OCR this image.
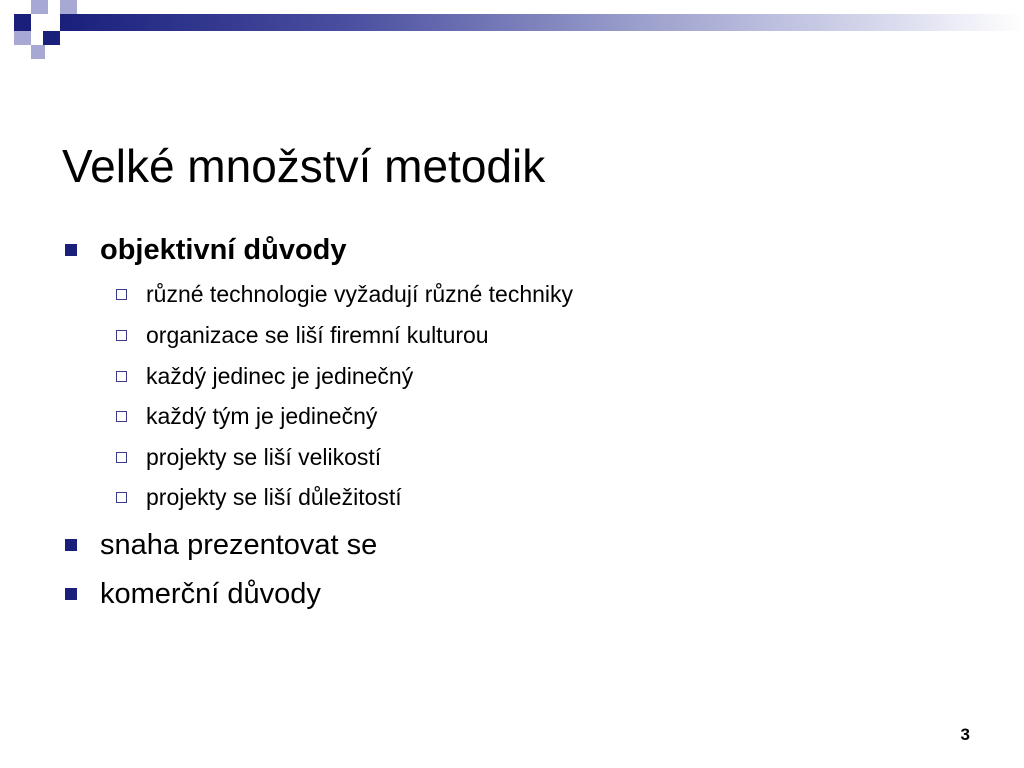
Velké množství metodik
objektivní důvody
různé technologie vyžadují různé techniky
organizace se liší firemní kulturou
každý jedinec je jedinečný
každý tým je jedinečný
projekty se liší velikostí
projekty se liší důležitostí
snaha prezentovat se
komerční důvody
3
